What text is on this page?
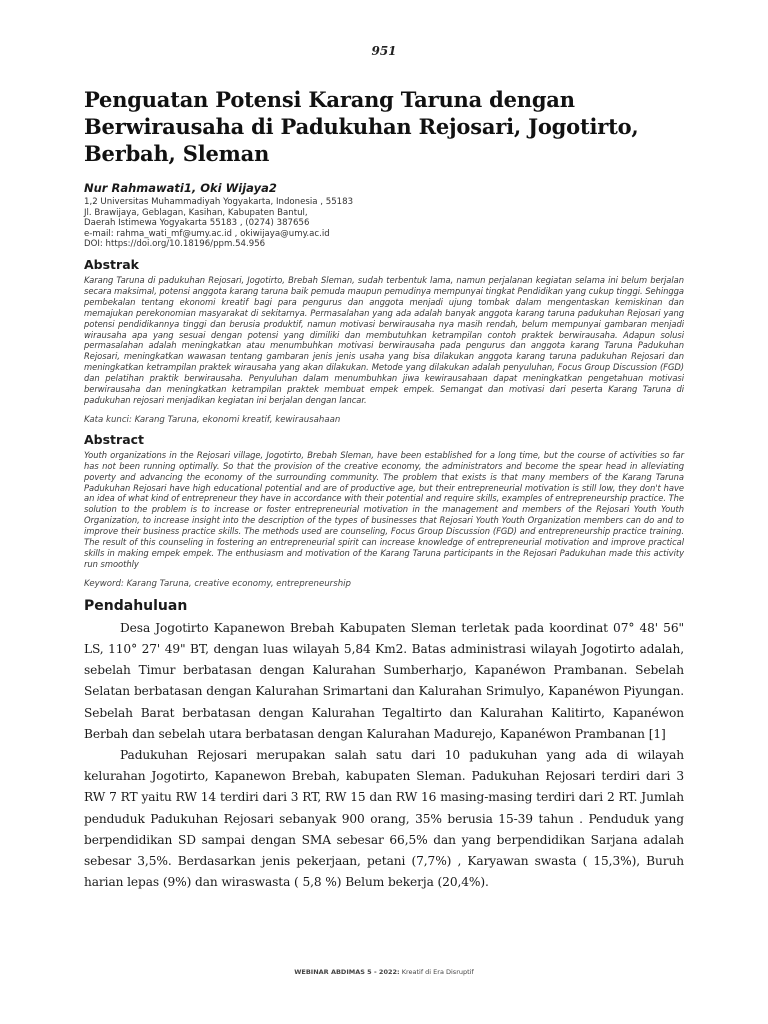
951
Penguatan Potensi Karang Taruna dengan Berwirausaha di Padukuhan Rejosari, Jogotirto, Berbah, Sleman
Nur Rahmawati1, Oki Wijaya2
1,2 Universitas Muhammadiyah Yogyakarta, Indonesia , 55183
Jl. Brawijaya, Geblagan, Kasihan, Kabupaten Bantul,
Daerah Istimewa Yogyakarta 55183 , (0274) 387656
e-mail: rahma_wati_mf@umy.ac.id , okiwijaya@umy.ac.id
DOI: https://doi.org/10.18196/ppm.54.956
Abstrak

Karang Taruna di padukuhan Rejosari, Jogotirto, Brebah Sleman, sudah terbentuk lama, namun perjalanan kegiatan selama ini belum berjalan secara maksimal, potensi anggota karang taruna baik pemuda maupun pemudinya mempunyai tingkat Pendidikan yang cukup tinggi. Sehingga pembekalan tentang ekonomi kreatif bagi para pengurus dan anggota menjadi ujung tombak dalam mengentaskan kemiskinan dan memajukan perekonomian masyarakat di sekitarnya. Permasalahan yang ada adalah banyak anggota karang taruna padukuhan Rejosari yang potensi pendidikannya tinggi dan berusia produktif, namun motivasi berwirausaha nya masih rendah, belum mempunyai gambaran menjadi wirausaha apa yang sesuai dengan potensi yang dimiliki dan membutuhkan ketrampilan contoh praktek berwirausaha. Adapun solusi permasalahan adalah meningkatkan atau menumbuhkan motivasi berwirausaha pada pengurus dan anggota karang Taruna Padukuhan Rejosari, meningkatkan wawasan tentang gambaran jenis jenis usaha yang bisa dilakukan anggota karang taruna padukuhan Rejosari dan meningkatkan ketrampilan praktek wirausaha yang akan dilakukan. Metode yang dilakukan adalah penyuluhan, Focus Group Discussion (FGD) dan pelatihan praktik berwirausaha. Penyuluhan dalam menumbuhkan jiwa kewirausahaan dapat meningkatkan pengetahuan motivasi berwirausaha dan meningkatkan ketrampilan praktek membuat empek empek. Semangat dan motivasi dari peserta Karang Taruna di padukuhan rejosari menjadikan kegiatan ini berjalan dengan lancar.

Kata kunci: Karang Taruna, ekonomi kreatif, kewirausahaan
Abstract

Youth organizations in the Rejosari village, Jogotirto, Brebah Sleman, have been established for a long time, but the course of activities so far has not been running optimally. So that the provision of the creative economy, the administrators and become the spear head in alleviating poverty and advancing the economy of the surrounding community. The problem that exists is that many members of the Karang Taruna Padukuhan Rejosari have high educational potential and are of productive age, but their entrepreneurial motivation is still low, they don't have an idea of what kind of entrepreneur they have in accordance with their potential and require skills, examples of entrepreneurship practice. The solution to the problem is to increase or foster entrepreneurial motivation in the management and members of the Rejosari Youth Youth Organization, to increase insight into the description of the types of businesses that Rejosari Youth Youth Organization members can do and to improve their business practice skills. The methods used are counseling, Focus Group Discussion (FGD) and entrepreneurship practice training. The result of this counseling in fostering an entrepreneurial spirit can increase knowledge of entrepreneurial motivation and improve practical skills in making empek empek. The enthusiasm and motivation of the Karang Taruna participants in the Rejosari Padukuhan made this activity run smoothly

Keyword: Karang Taruna, creative economy, entrepreneurship
Pendahuluan

Desa Jogotirto Kapanewon Brebah Kabupaten Sleman terletak pada koordinat 07° 48' 56" LS, 110° 27' 49" BT, dengan luas wilayah 5,84 Km2. Batas administrasi wilayah Jogotirto adalah, sebelah Timur berbatasan dengan Kalurahan Sumberharjo, Kapanéwon Prambanan. Sebelah Selatan berbatasan dengan Kalurahan Srimartani dan Kalurahan Srimulyo, Kapanéwon Piyungan. Sebelah Barat berbatasan dengan Kalurahan Tegaltirto dan Kalurahan Kalitirto, Kapanéwon Berbah dan sebelah utara berbatasan dengan Kalurahan Madurejo, Kapanéwon Prambanan [1]

Padukuhan Rejosari merupakan salah satu dari 10 padukuhan yang ada di wilayah kelurahan Jogotirto, Kapanewon Brebah, kabupaten Sleman. Padukuhan Rejosari terdiri dari 3 RW 7 RT yaitu RW 14 terdiri dari 3 RT, RW 15 dan RW 16 masing-masing terdiri dari 2 RT. Jumlah penduduk Padukuhan Rejosari sebanyak 900 orang, 35% berusia 15-39 tahun . Penduduk yang berpendidikan SD sampai dengan SMA sebesar 66,5% dan yang berpendidikan Sarjana adalah sebesar 3,5%. Berdasarkan jenis pekerjaan, petani (7,7%) , Karyawan swasta ( 15,3%), Buruh harian lepas (9%) dan wiraswasta ( 5,8 %) Belum bekerja (20,4%).

WEBINAR ABDIMAS 5 - 2022: Kreatif di Era Disruptif
